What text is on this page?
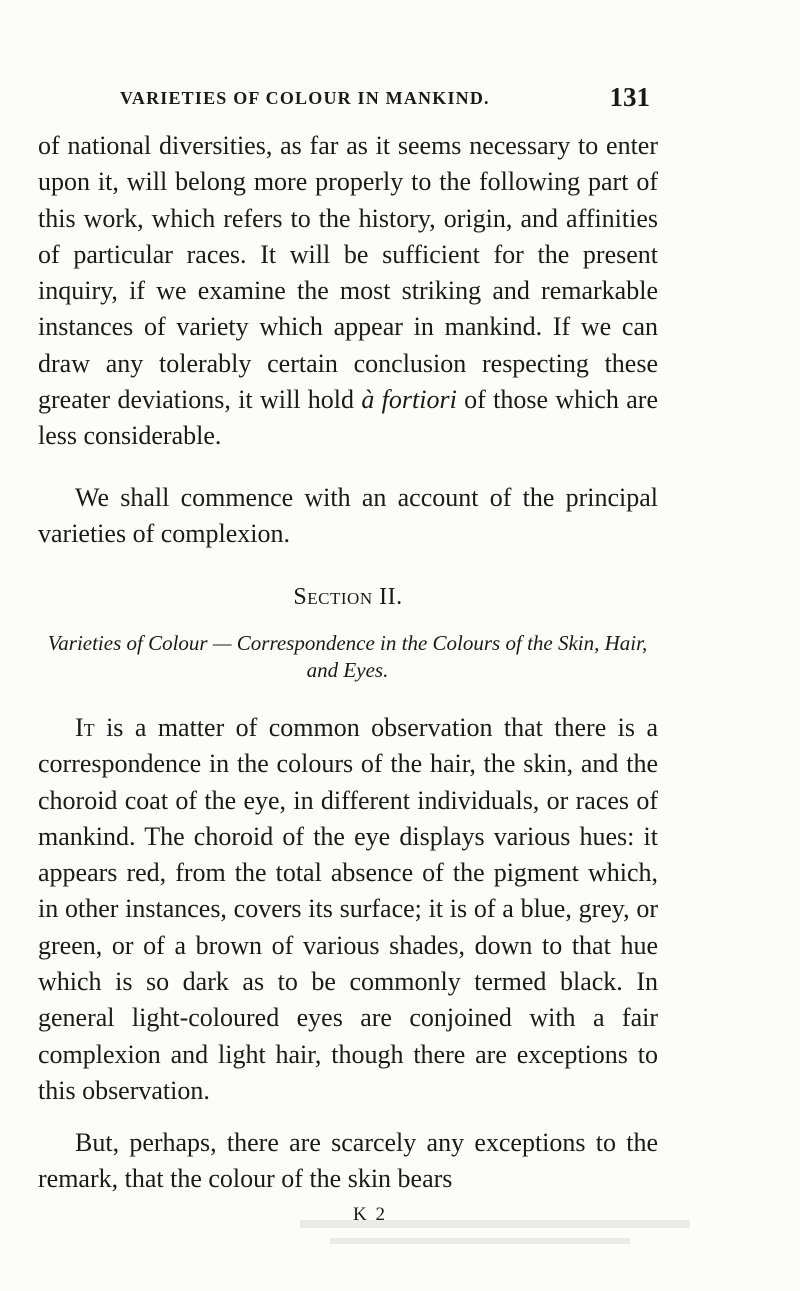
VARIETIES OF COLOUR IN MANKIND.	131

of national diversities, as far as it seems necessary to enter upon it, will belong more properly to the following part of this work, which refers to the history, origin, and affinities of particular races. It will be sufficient for the present inquiry, if we examine the most striking and remarkable instances of variety which appear in mankind. If we can draw any tolerably certain conclusion respecting these greater deviations, it will hold à fortiori of those which are less considerable.

We shall commence with an account of the principal varieties of complexion.

Section II.
Varieties of Colour — Correspondence in the Colours of the Skin, Hair, and Eyes.

It is a matter of common observation that there is a correspondence in the colours of the hair, the skin, and the choroid coat of the eye, in different individuals, or races of mankind. The choroid of the eye displays various hues: it appears red, from the total absence of the pigment which, in other instances, covers its surface; it is of a blue, grey, or green, or of a brown of various shades, down to that hue which is so dark as to be commonly termed black. In general light-coloured eyes are conjoined with a fair complexion and light hair, though there are exceptions to this observation.

But, perhaps, there are scarcely any exceptions to the remark, that the colour of the skin bears

K 2
